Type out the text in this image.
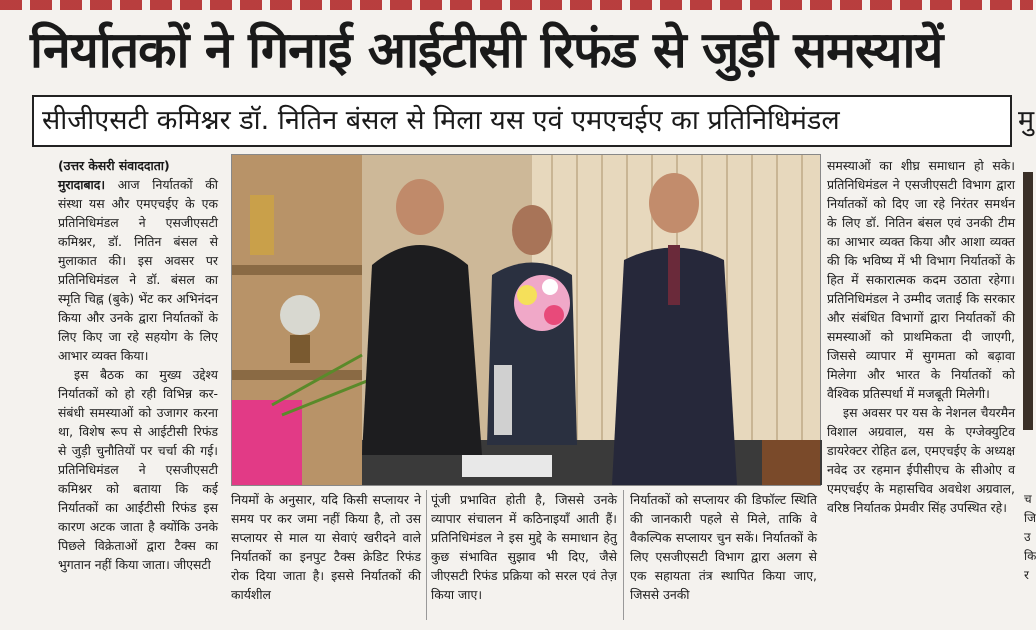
निर्यातकों ने गिनाई आईटीसी रिफंड से जुड़ी समस्यायें
सीजीएसटी कमिश्नर डॉ. नितिन बंसल से मिला यस एवं एमएचईए का प्रतिनिधिमंडल	मु

(उत्तर केसरी संवाददाता)

मुरादाबाद। आज निर्यातकों की संस्था यस और एमएचईए के एक प्रतिनिधिमंडल ने एसजीएसटी कमिश्नर, डॉ. नितिन बंसल से मुलाकात की। इस अवसर पर प्रतिनिधिमंडल ने डॉ. बंसल का स्मृति चिह्न (बुके) भेंट कर अभिनंदन किया और उनके द्वारा निर्यातकों के लिए किए जा रहे सहयोग के लिए आभार व्यक्त किया।

इस बैठक का मुख्य उद्देश्य निर्यातकों को हो रही विभिन्न कर-संबंधी समस्याओं को उजागर करना था, विशेष रूप से आईटीसी रिफंड से जुड़ी चुनौतियों पर चर्चा की गई। प्रतिनिधिमंडल ने एसजीएसटी कमिश्नर को बताया कि कई निर्यातकों का आईटीसी रिफंड इस कारण अटक जाता है क्योंकि उनके पिछले विक्रेताओं द्वारा टैक्स का भुगतान नहीं किया जाता। जीएसटी

नियमों के अनुसार, यदि किसी सप्लायर ने समय पर कर जमा नहीं किया है, तो उस सप्लायर से माल या सेवाएं खरीदने वाले निर्यातकों का इनपुट टैक्स क्रेडिट रिफंड रोक दिया जाता है। इससे निर्यातकों की कार्यशील

पूंजी प्रभावित होती है, जिससे उनके व्यापार संचालन में कठिनाइयाँ आती हैं। प्रतिनिधिमंडल ने इस मुद्दे के समाधान हेतु कुछ संभावित सुझाव भी दिए, जैसे जीएसटी रिफंड प्रक्रिया को सरल एवं तेज़ किया जाए।

निर्यातकों को सप्लायर की डिफॉल्ट स्थिति की जानकारी पहले से मिले, ताकि वे वैकल्पिक सप्लायर चुन सकें। निर्यातकों के लिए एसजीएसटी विभाग द्वारा अलग से एक सहायता तंत्र स्थापित किया जाए, जिससे उनकी

समस्याओं का शीघ्र समाधान हो सके। प्रतिनिधिमंडल ने एसजीएसटी विभाग द्वारा निर्यातकों को दिए जा रहे निरंतर समर्थन के लिए डॉ. नितिन बंसल एवं उनकी टीम का आभार व्यक्त किया और आशा व्यक्त की कि भविष्य में भी विभाग निर्यातकों के हित में सकारात्मक कदम उठाता रहेगा। प्रतिनिधिमंडल ने उम्मीद जताई कि सरकार और संबंधित विभागों द्वारा निर्यातकों की समस्याओं को प्राथमिकता दी जाएगी, जिससे व्यापार में सुगमता को बढ़ावा मिलेगा और भारत के निर्यातकों को वैश्विक प्रतिस्पर्धा में मजबूती मिलेगी।

इस अवसर पर यस के नेशनल चैयरमैन विशाल अग्रवाल, यस के एग्जेक्युटिव डायरेक्टर रोहित ढल, एमएचईए के अध्यक्ष नवेद उर रहमान ईपीसीएच के सीओए व एमएचईए के महासचिव अवधेश अग्रवाल, वरिष्ठ निर्यातक प्रेमवीर सिंह उपस्थित रहे।

च जि उ कि र
